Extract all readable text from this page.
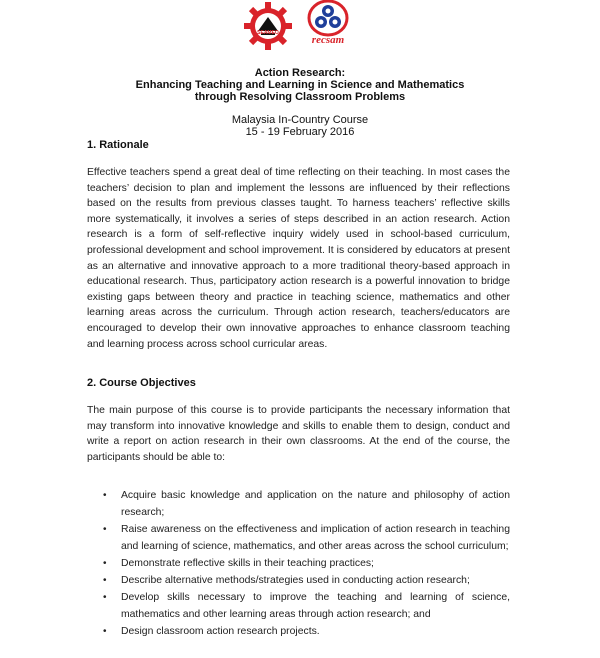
SEAMEO
recsam
Action Research:
Enhancing Teaching and Learning in Science and Mathematics
through Resolving Classroom Problems
Malaysia In-Country Course
15 - 19 February 2016
1. Rationale

Effective teachers spend a great deal of time reflecting on their teaching. In most cases the teachers’ decision to plan and implement the lessons are influenced by their reflections based on the results from previous classes taught. To harness teachers’ reflective skills more systematically, it involves a series of steps described in an action research. Action research is a form of self-reflective inquiry widely used in school-based curriculum, professional development and school improvement. It is considered by educators at present as an alternative and innovative approach to a more traditional theory-based approach in educational research. Thus, participatory action research is a powerful innovation to bridge existing gaps between theory and practice in teaching science, mathematics and other learning areas across the curriculum. Through action research, teachers/educators are encouraged to develop their own innovative approaches to enhance classroom teaching and learning process across school curricular areas.

2. Course Objectives

The main purpose of this course is to provide participants the necessary information that may transform into innovative knowledge and skills to enable them to design, conduct and write a report on action research in their own classrooms. At the end of the course, the participants should be able to:

• Acquire basic knowledge and application on the nature and philosophy of action research;
• Raise awareness on the effectiveness and implication of action research in teaching and learning of science, mathematics, and other areas across the school curriculum;
• Demonstrate reflective skills in their teaching practices;
• Describe alternative methods/strategies used in conducting action research;
• Develop skills necessary to improve the teaching and learning of science, mathematics and other learning areas through action research; and
• Design classroom action research projects.
